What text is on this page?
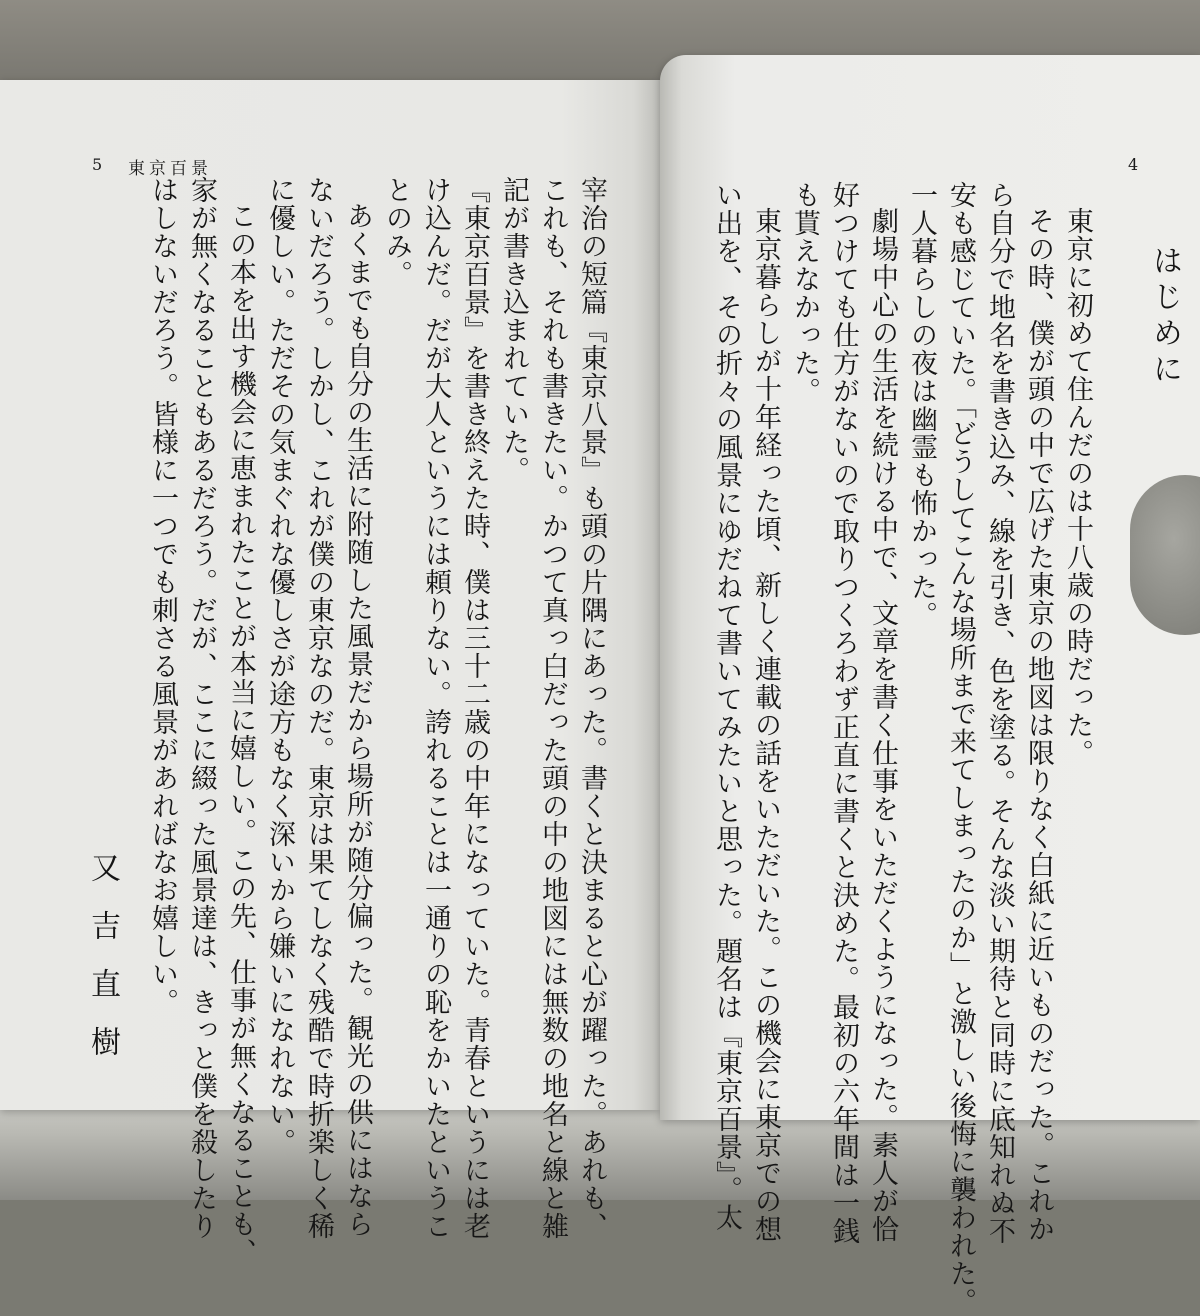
5 東京百景
宰治の短篇『東京八景』も頭の片隅にあった。書くと決まると心が躍った。あれも、
これも、それも書きたい。かつて真っ白だった頭の中の地図には無数の地名と線と雑
記が書き込まれていた。
『東京百景』を書き終えた時、僕は三十二歳の中年になっていた。青春というには老
け込んだ。だが大人というには頼りない。誇れることは一通りの恥をかいたというこ
とのみ。
あくまでも自分の生活に附随した風景だから場所が随分偏った。観光の供にはなら
ないだろう。しかし、これが僕の東京なのだ。東京は果てしなく残酷で時折楽しく稀
に優しい。ただその気まぐれな優しさが途方もなく深いから嫌いになれない。
この本を出す機会に恵まれたことが本当に嬉しい。この先、仕事が無くなることも、
家が無くなることもあるだろう。だが、ここに綴った風景達は、きっと僕を殺したり
はしないだろう。皆様に一つでも刺さる風景があればなお嬉しい。
又吉直樹
4
はじめに
東京に初めて住んだのは十八歳の時だった。
その時、僕が頭の中で広げた東京の地図は限りなく白紙に近いものだった。これか
ら自分で地名を書き込み、線を引き、色を塗る。そんな淡い期待と同時に底知れぬ不
安も感じていた。「どうしてこんな場所まで来てしまったのか」と激しい後悔に襲われた。
一人暮らしの夜は幽霊も怖かった。
劇場中心の生活を続ける中で、文章を書く仕事をいただくようになった。素人が恰
好つけても仕方がないので取りつくろわず正直に書くと決めた。最初の六年間は一銭
も貰えなかった。
東京暮らしが十年経った頃、新しく連載の話をいただいた。この機会に東京での想
い出を、その折々の風景にゆだねて書いてみたいと思った。題名は『東京百景』。太
